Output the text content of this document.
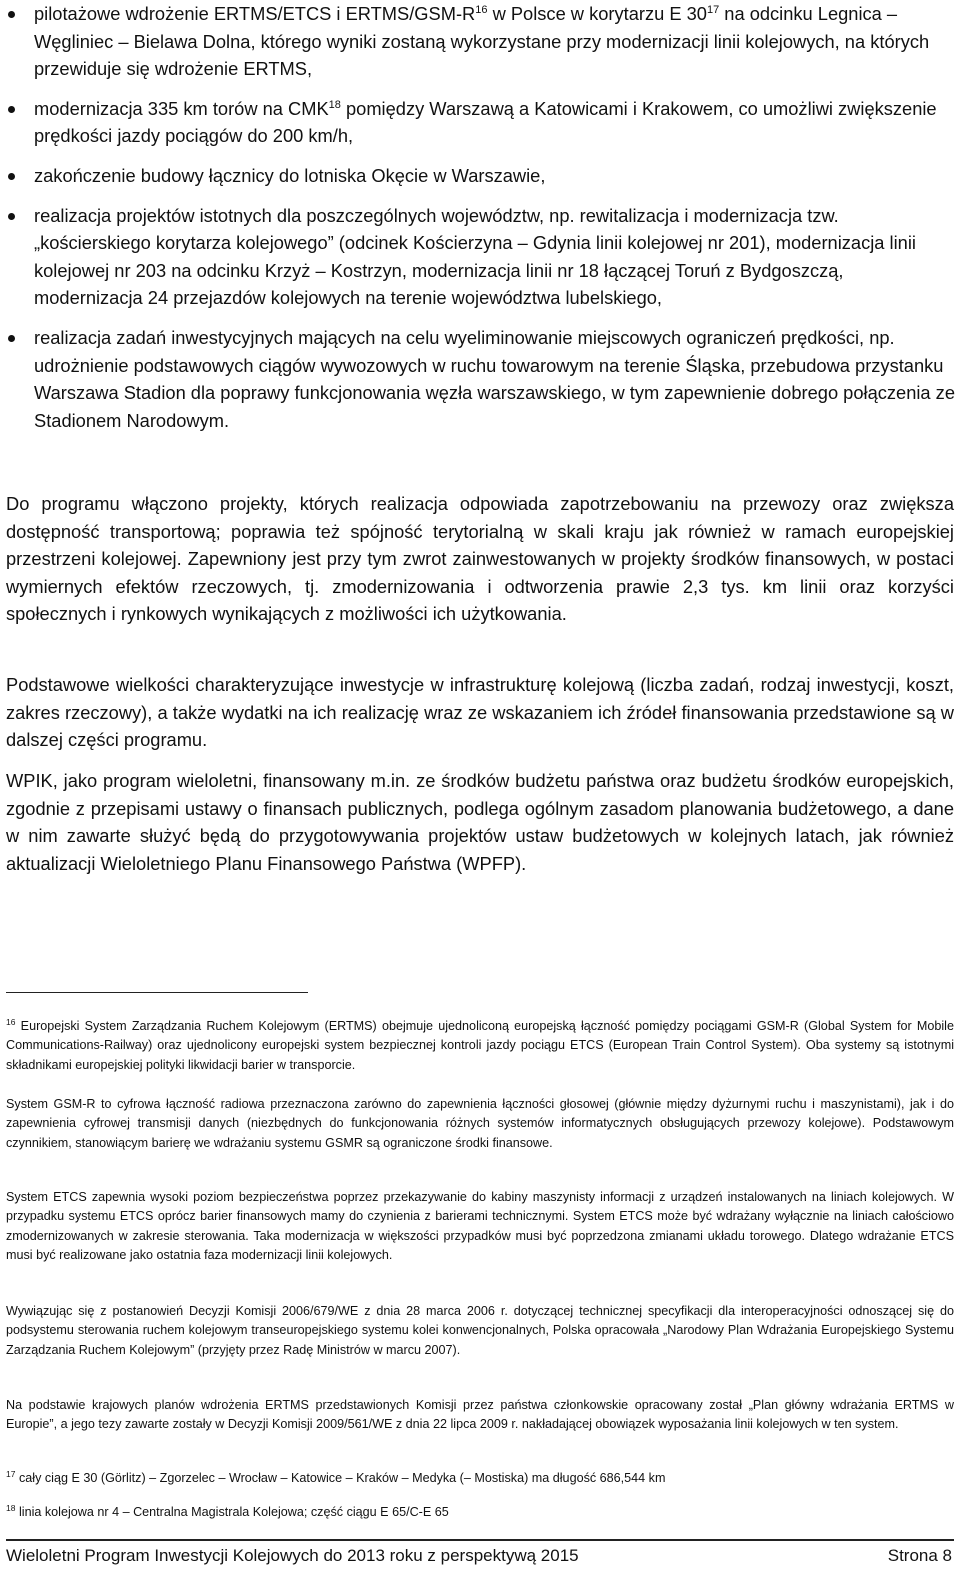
pilotażowe wdrożenie ERTMS/ETCS i ERTMS/$GSM-R^{16}$ w Polsce w korytarzu E $30^{17}$ na odcinku Legnica – Węgliniec – Bielawa Dolna, którego wyniki zostaną wykorzystane przy modernizacji linii kolejowych, na których przewiduje się wdrożenie ERTMS,
modernizacja 335 km torów na CMK$^{18}$ pomiędzy Warszawą a Katowicami i Krakowem, co umożliwi zwiększenie prędkości jazdy pociągów do 200 km/h,
zakończenie budowy łącznicy do lotniska Okęcie w Warszawie,
realizacja projektów istotnych dla poszczególnych województw, np. rewitalizacja i modernizacja tzw. „kościerskiego korytarza kolejowego” (odcinek Kościerzyna – Gdynia linii kolejowej nr 201), modernizacja linii kolejowej nr 203 na odcinku Krzyż – Kostrzyn, modernizacja linii nr 18 łączącej Toruń z Bydgoszczą, modernizacja 24 przejazdów kolejowych na terenie województwa lubelskiego,
realizacja zadań inwestycyjnych mających na celu wyeliminowanie miejscowych ograniczeń prędkości, np. udrożnienie podstawowych ciągów wywozowych w ruchu towarowym na terenie Śląska, przebudowa przystanku Warszawa Stadion dla poprawy funkcjonowania węzła warszawskiego, w tym zapewnienie dobrego połączenia ze Stadionem Narodowym.

Do programu włączono projekty, których realizacja odpowiada zapotrzebowaniu na przewozy oraz zwiększa dostępność transportową; poprawia też spójność terytorialną w skali kraju jak również w ramach europejskiej przestrzeni kolejowej. Zapewniony jest przy tym zwrot zainwestowanych w projekty środków finansowych, w postaci wymiernych efektów rzeczowych, tj. zmodernizowania i odtworzenia prawie 2,3 tys. km linii oraz korzyści społecznych i rynkowych wynikających z możliwości ich użytkowania.

Podstawowe wielkości charakteryzujące inwestycje w infrastrukturę kolejową (liczba zadań, rodzaj inwestycji, koszt, zakres rzeczowy), a także wydatki na ich realizację wraz ze wskazaniem ich źródeł finansowania przedstawione są w dalszej części programu.

WPIK, jako program wieloletni, finansowany m.in. ze środków budżetu państwa oraz budżetu środków europejskich, zgodnie z przepisami ustawy o finansach publicznych, podlega ogólnym zasadom planowania budżetowego, a dane w nim zawarte służyć będą do przygotowywania projektów ustaw budżetowych w kolejnych latach, jak również aktualizacji Wieloletniego Planu Finansowego Państwa (WPFP).

$^{16}$ Europejski System Zarządzania Ruchem Kolejowym (ERTMS) obejmuje ujednoliconą europejską łączność pomiędzy pociągami GSM-R (Global System for Mobile Communications-Railway) oraz ujednolicony europejski system bezpiecznej kontroli jazdy pociągu ETCS (European Train Control System). Oba systemy są istotnymi składnikami europejskiej polityki likwidacji barier w transporcie.

System GSM-R to cyfrowa łączność radiowa przeznaczona zarówno do zapewnienia łączności głosowej (głównie między dyżurnymi ruchu i maszynistami), jak i do zapewnienia cyfrowej transmisji danych (niezbędnych do funkcjonowania różnych systemów informatycznych obsługujących przewozy kolejowe). Podstawowym czynnikiem, stanowiącym barierę we wdrażaniu systemu GSMR są ograniczone środki finansowe.

System ETCS zapewnia wysoki poziom bezpieczeństwa poprzez przekazywanie do kabiny maszynisty informacji z urządzeń instalowanych na liniach kolejowych. W przypadku systemu ETCS oprócz barier finansowych mamy do czynienia z barierami technicznymi. System ETCS może być wdrażany wyłącznie na liniach całościowo zmodernizowanych w zakresie sterowania. Taka modernizacja w większości przypadków musi być poprzedzona zmianami układu torowego. Dlatego wdrażanie ETCS musi być realizowane jako ostatnia faza modernizacji linii kolejowych.

Wywiązując się z postanowień Decyzji Komisji 2006/679/WE z dnia 28 marca 2006 r. dotyczącej technicznej specyfikacji dla interoperacyjności odnoszącej się do podsystemu sterowania ruchem kolejowym transeuropejskiego systemu kolei konwencjonalnych, Polska opracowała „Narodowy Plan Wdrażania Europejskiego Systemu Zarządzania Ruchem Kolejowym” (przyjęty przez Radę Ministrów w marcu 2007).

Na podstawie krajowych planów wdrożenia ERTMS przedstawionych Komisji przez państwa członkowskie opracowany został „Plan główny wdrażania ERTMS w Europie”, a jego tezy zawarte zostały w Decyzji Komisji 2009/561/WE z dnia 22 lipca 2009 r. nakładającej obowiązek wyposażania linii kolejowych w ten system.

$^{17}$ cały ciąg E 30 (Görlitz) – Zgorzelec – Wrocław – Katowice – Kraków – Medyka (– Mostiska) ma długość 686,544 km

$^{18}$ linia kolejowa nr 4 – Centralna Magistrala Kolejowa; część ciągu E 65/C-E 65

Wieloletni Program Inwestycji Kolejowych do 2013 roku z perspektywą 2015	Strona 8
